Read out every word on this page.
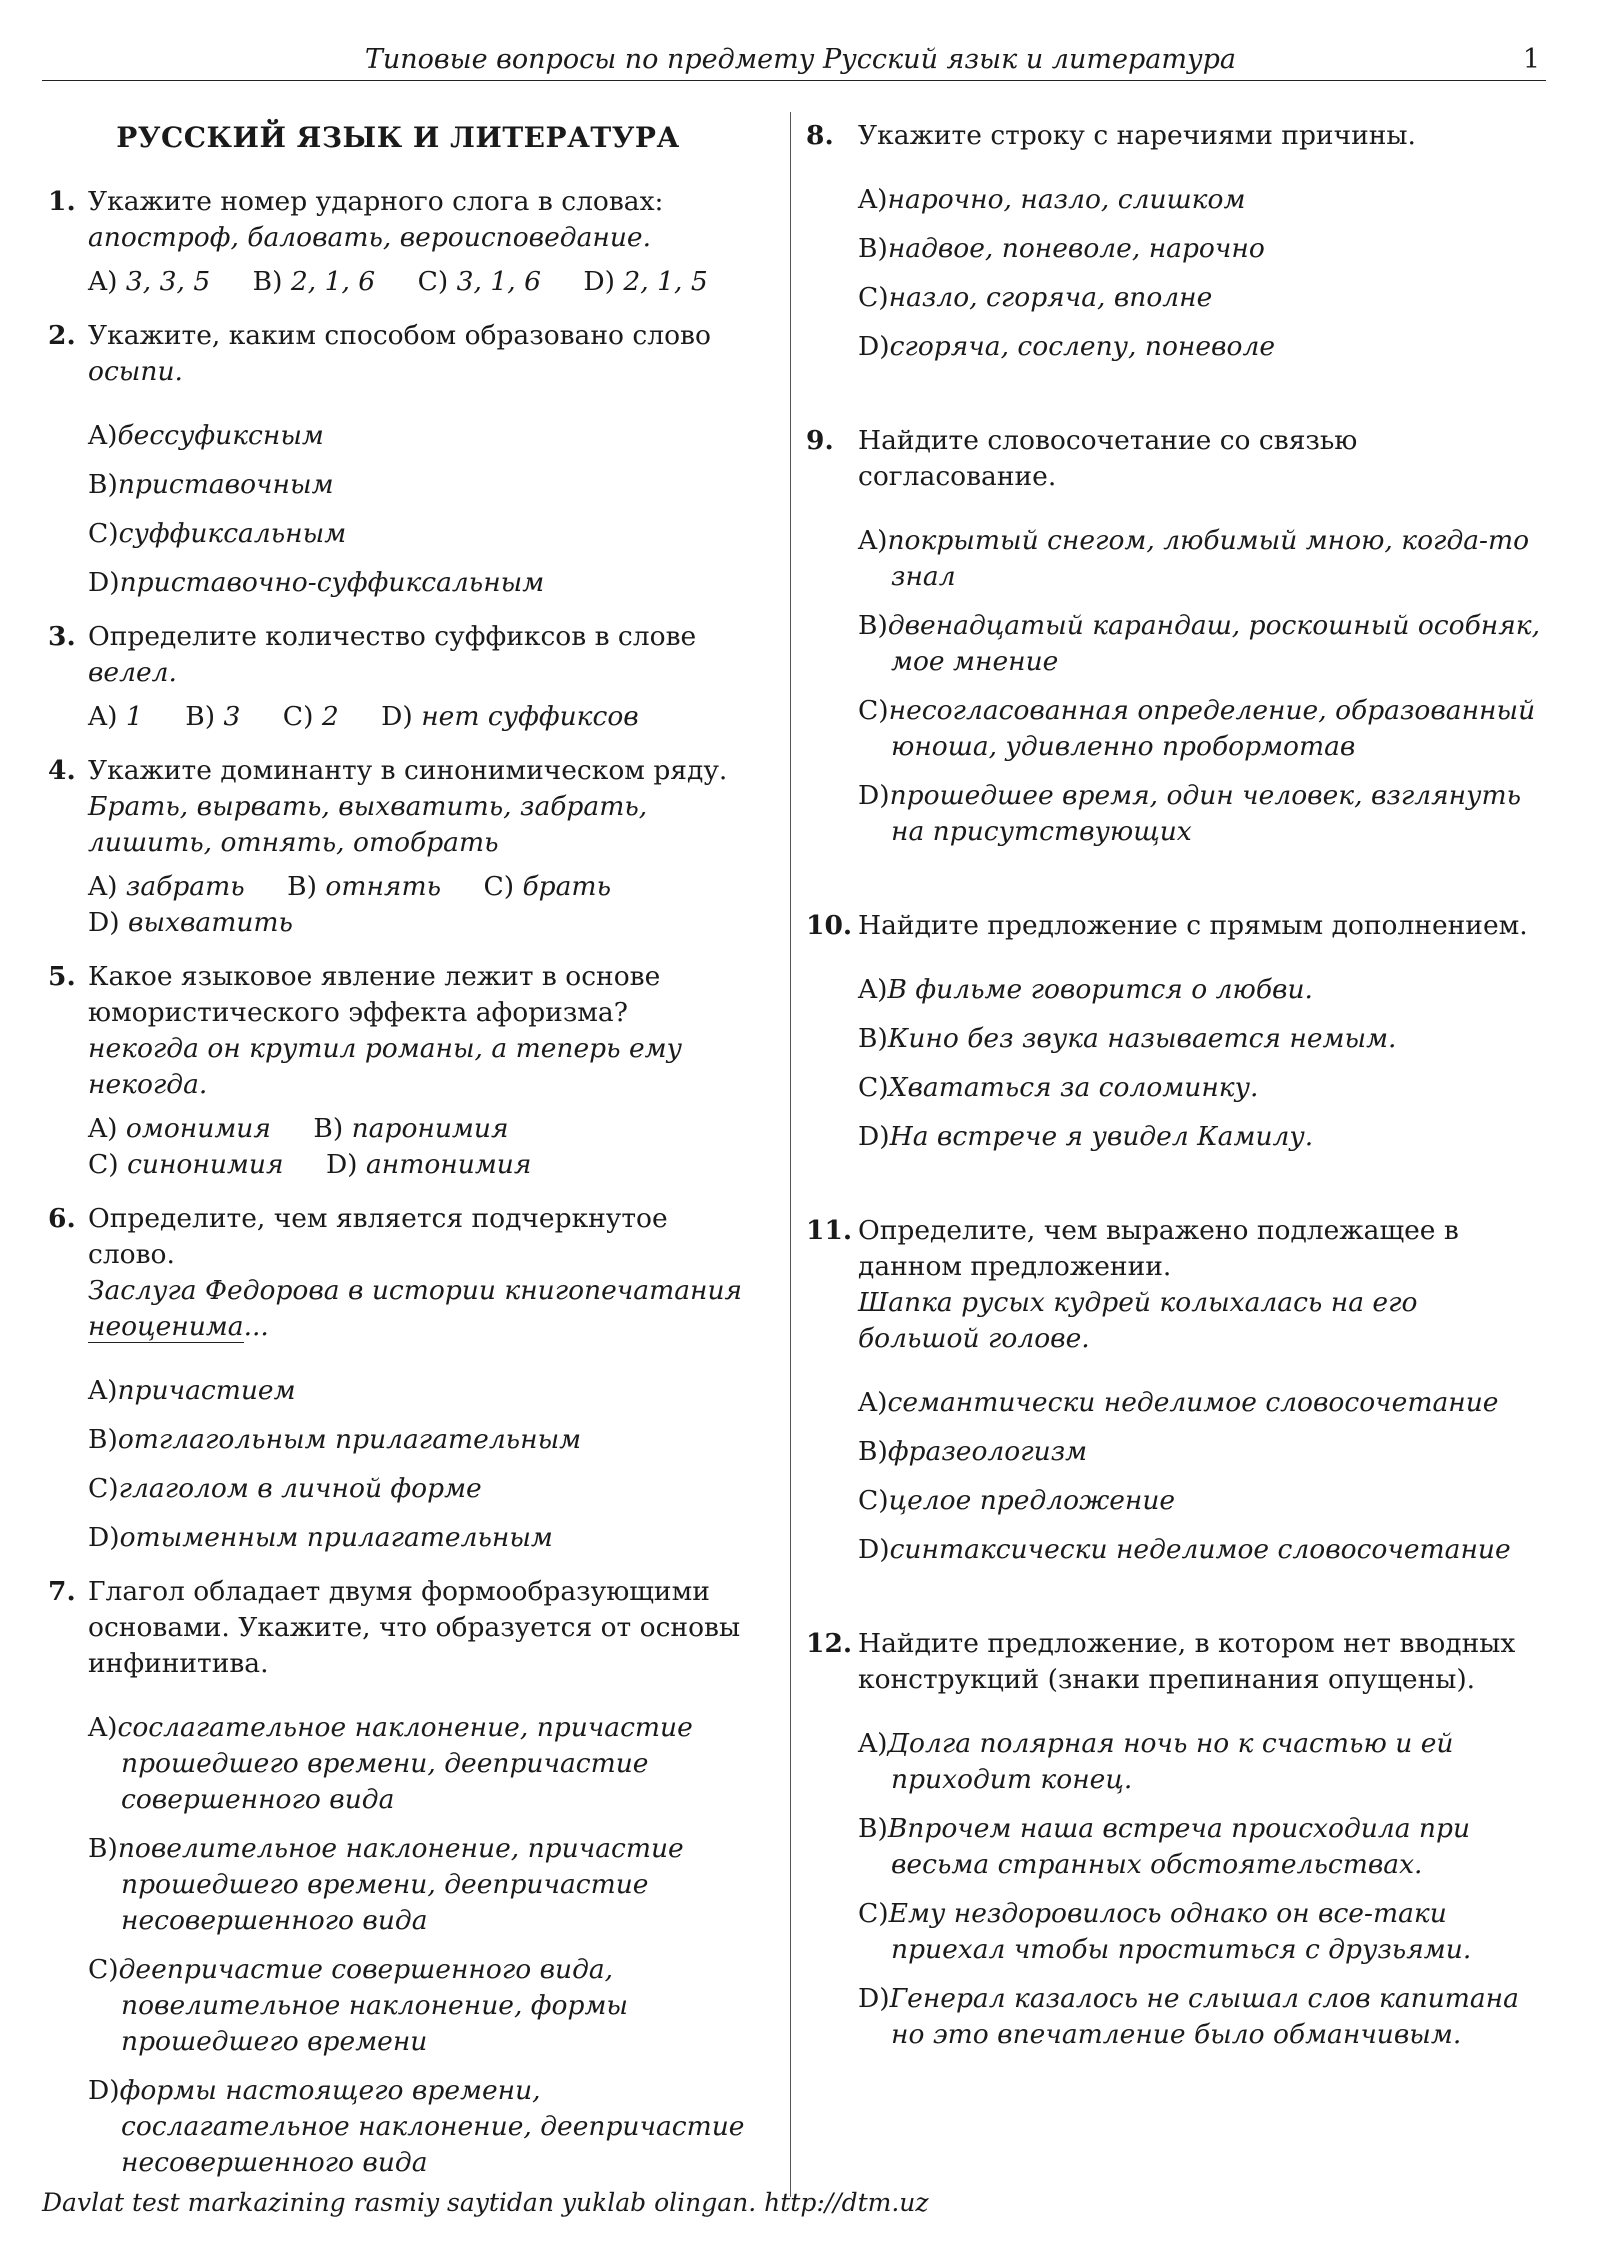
Типовые вопросы по предмету Русский язык и литература	1
РУССКИЙ ЯЗЫК И ЛИТЕРАТУРА
1. Укажите номер ударного слога в словах:
апостроф, баловать, вероисповедание.
A) 3, 3, 5 B) 2, 1, 6 C) 3, 1, 6 D) 2, 1, 5
2. Укажите, каким способом образовано слово
осыпи.
A)бессуфиксным
B)приставочным
C)суффиксальным
D)приставочно-суффиксальным
3. Определите количество суффиксов в слове
велел.
A) 1 B) 3 C) 2 D) нет суффиксов
4. Укажите доминанту в синонимическом ряду.
Брать, вырвать, выхватить, забрать, лишить, отнять, отобрать
A) забрать B) отнять C) брать D) выхватить
5. Какое языковое явление лежит в основе юмористического эффекта афоризма?
некогда он крутил романы, а теперь ему некогда.
A) омонимия B) паронимия C) синонимия D) антонимия
6. Определите, чем является подчеркнутое слово.
Заслуга Федорова в истории книгопечатания неоценима...
A)причастием
B)отглагольным прилагательным
C)глаголом в личной форме
D)отыменным прилагательным
7. Глагол обладает двумя формообразующими основами. Укажите, что образуется от основы инфинитива.
A)сослагательное наклонение, причастие прошедшего времени, деепричастие совершенного вида
B)повелительное наклонение, причастие прошедшего времени, деепричастие несовершенного вида
C)деепричастие совершенного вида, повелительное наклонение, формы прошедшего времени
D)формы настоящего времени, сослагательное наклонение, деепричастие несовершенного вида
8. Укажите строку с наречиями причины.
A)нарочно, назло, слишком
B)надвое, поневоле, нарочно
C)назло, сгоряча, вполне
D)сгоряча, сослепу, поневоле
9. Найдите словосочетание со связью согласование.
A)покрытый снегом, любимый мною, когда-то знал
B)двенадцатый карандаш, роскошный особняк, мое мнение
C)несогласованная определение, образованный юноша, удивленно пробормотав
D)прошедшее время, один человек, взглянуть на присутствующих
10. Найдите предложение с прямым дополнением.
A)В фильме говорится о любви.
B)Кино без звука называется немым.
C)Хвататься за соломинку.
D)На встрече я увидел Камилу.
11. Определите, чем выражено подлежащее в данном предложении.
Шапка русых кудрей колыхалась на его большой голове.
A)семантически неделимое словосочетание
B)фразеологизм
C)целое предложение
D)синтаксически неделимое словосочетание
12. Найдите предложение, в котором нет вводных конструкций (знаки препинания опущены).
A)Долга полярная ночь но к счастью и ей приходит конец.
B)Впрочем наша встреча происходила при весьма странных обстоятельствах.
C)Ему нездоровилось однако он все-таки приехал чтобы проститься с друзьями.
D)Генерал казалось не слышал слов капитана но это впечатление было обманчивым.
Davlat test markazining rasmiy saytidan yuklab olingan. http://dtm.uz
